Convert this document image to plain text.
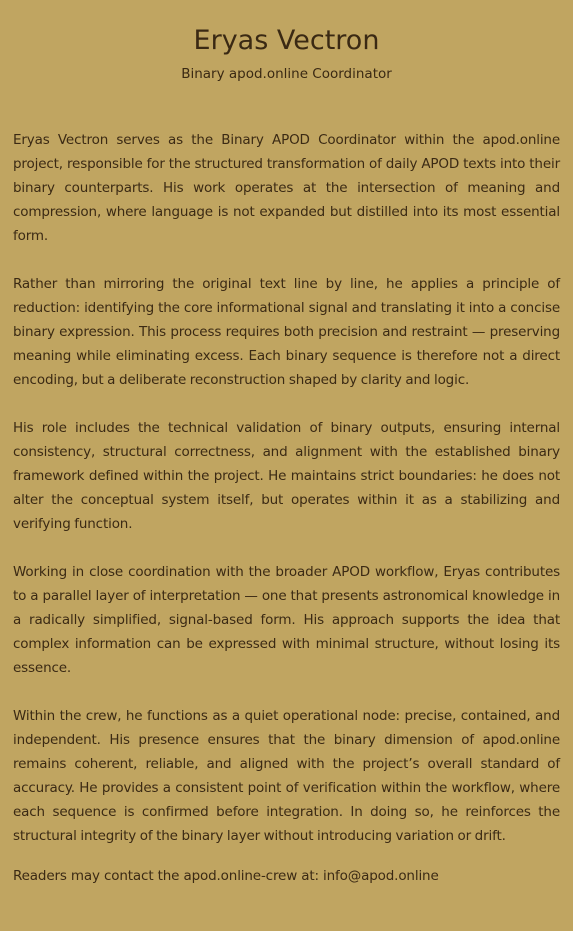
Eryas Vectron
Binary apod.online Coordinator

Eryas Vectron serves as the Binary APOD Coordinator within the apod.online project, responsible for the structured transformation of daily APOD texts into their binary counterparts. His work operates at the intersection of meaning and compression, where language is not expanded but distilled into its most essential form.

Rather than mirroring the original text line by line, he applies a principle of reduction: identifying the core informational signal and translating it into a concise binary expression. This process requires both precision and restraint — preserving meaning while eliminating excess. Each binary sequence is therefore not a direct encoding, but a deliberate reconstruction shaped by clarity and logic.

His role includes the technical validation of binary outputs, ensuring internal consistency, structural correctness, and alignment with the established binary framework defined within the project. He maintains strict boundaries: he does not alter the conceptual system itself, but operates within it as a stabilizing and verifying function.

Working in close coordination with the broader APOD workflow, Eryas contributes to a parallel layer of interpretation — one that presents astronomical knowledge in a radically simplified, signal-based form. His approach supports the idea that complex information can be expressed with minimal structure, without losing its essence.

Within the crew, he functions as a quiet operational node: precise, contained, and independent. His presence ensures that the binary dimension of apod.online remains coherent, reliable, and aligned with the project’s overall standard of accuracy. He provides a consistent point of verification within the workflow, where each sequence is confirmed before integration. In doing so, he reinforces the structural integrity of the binary layer without introducing variation or drift.

Readers may contact the apod.online-crew at: info@apod.online
